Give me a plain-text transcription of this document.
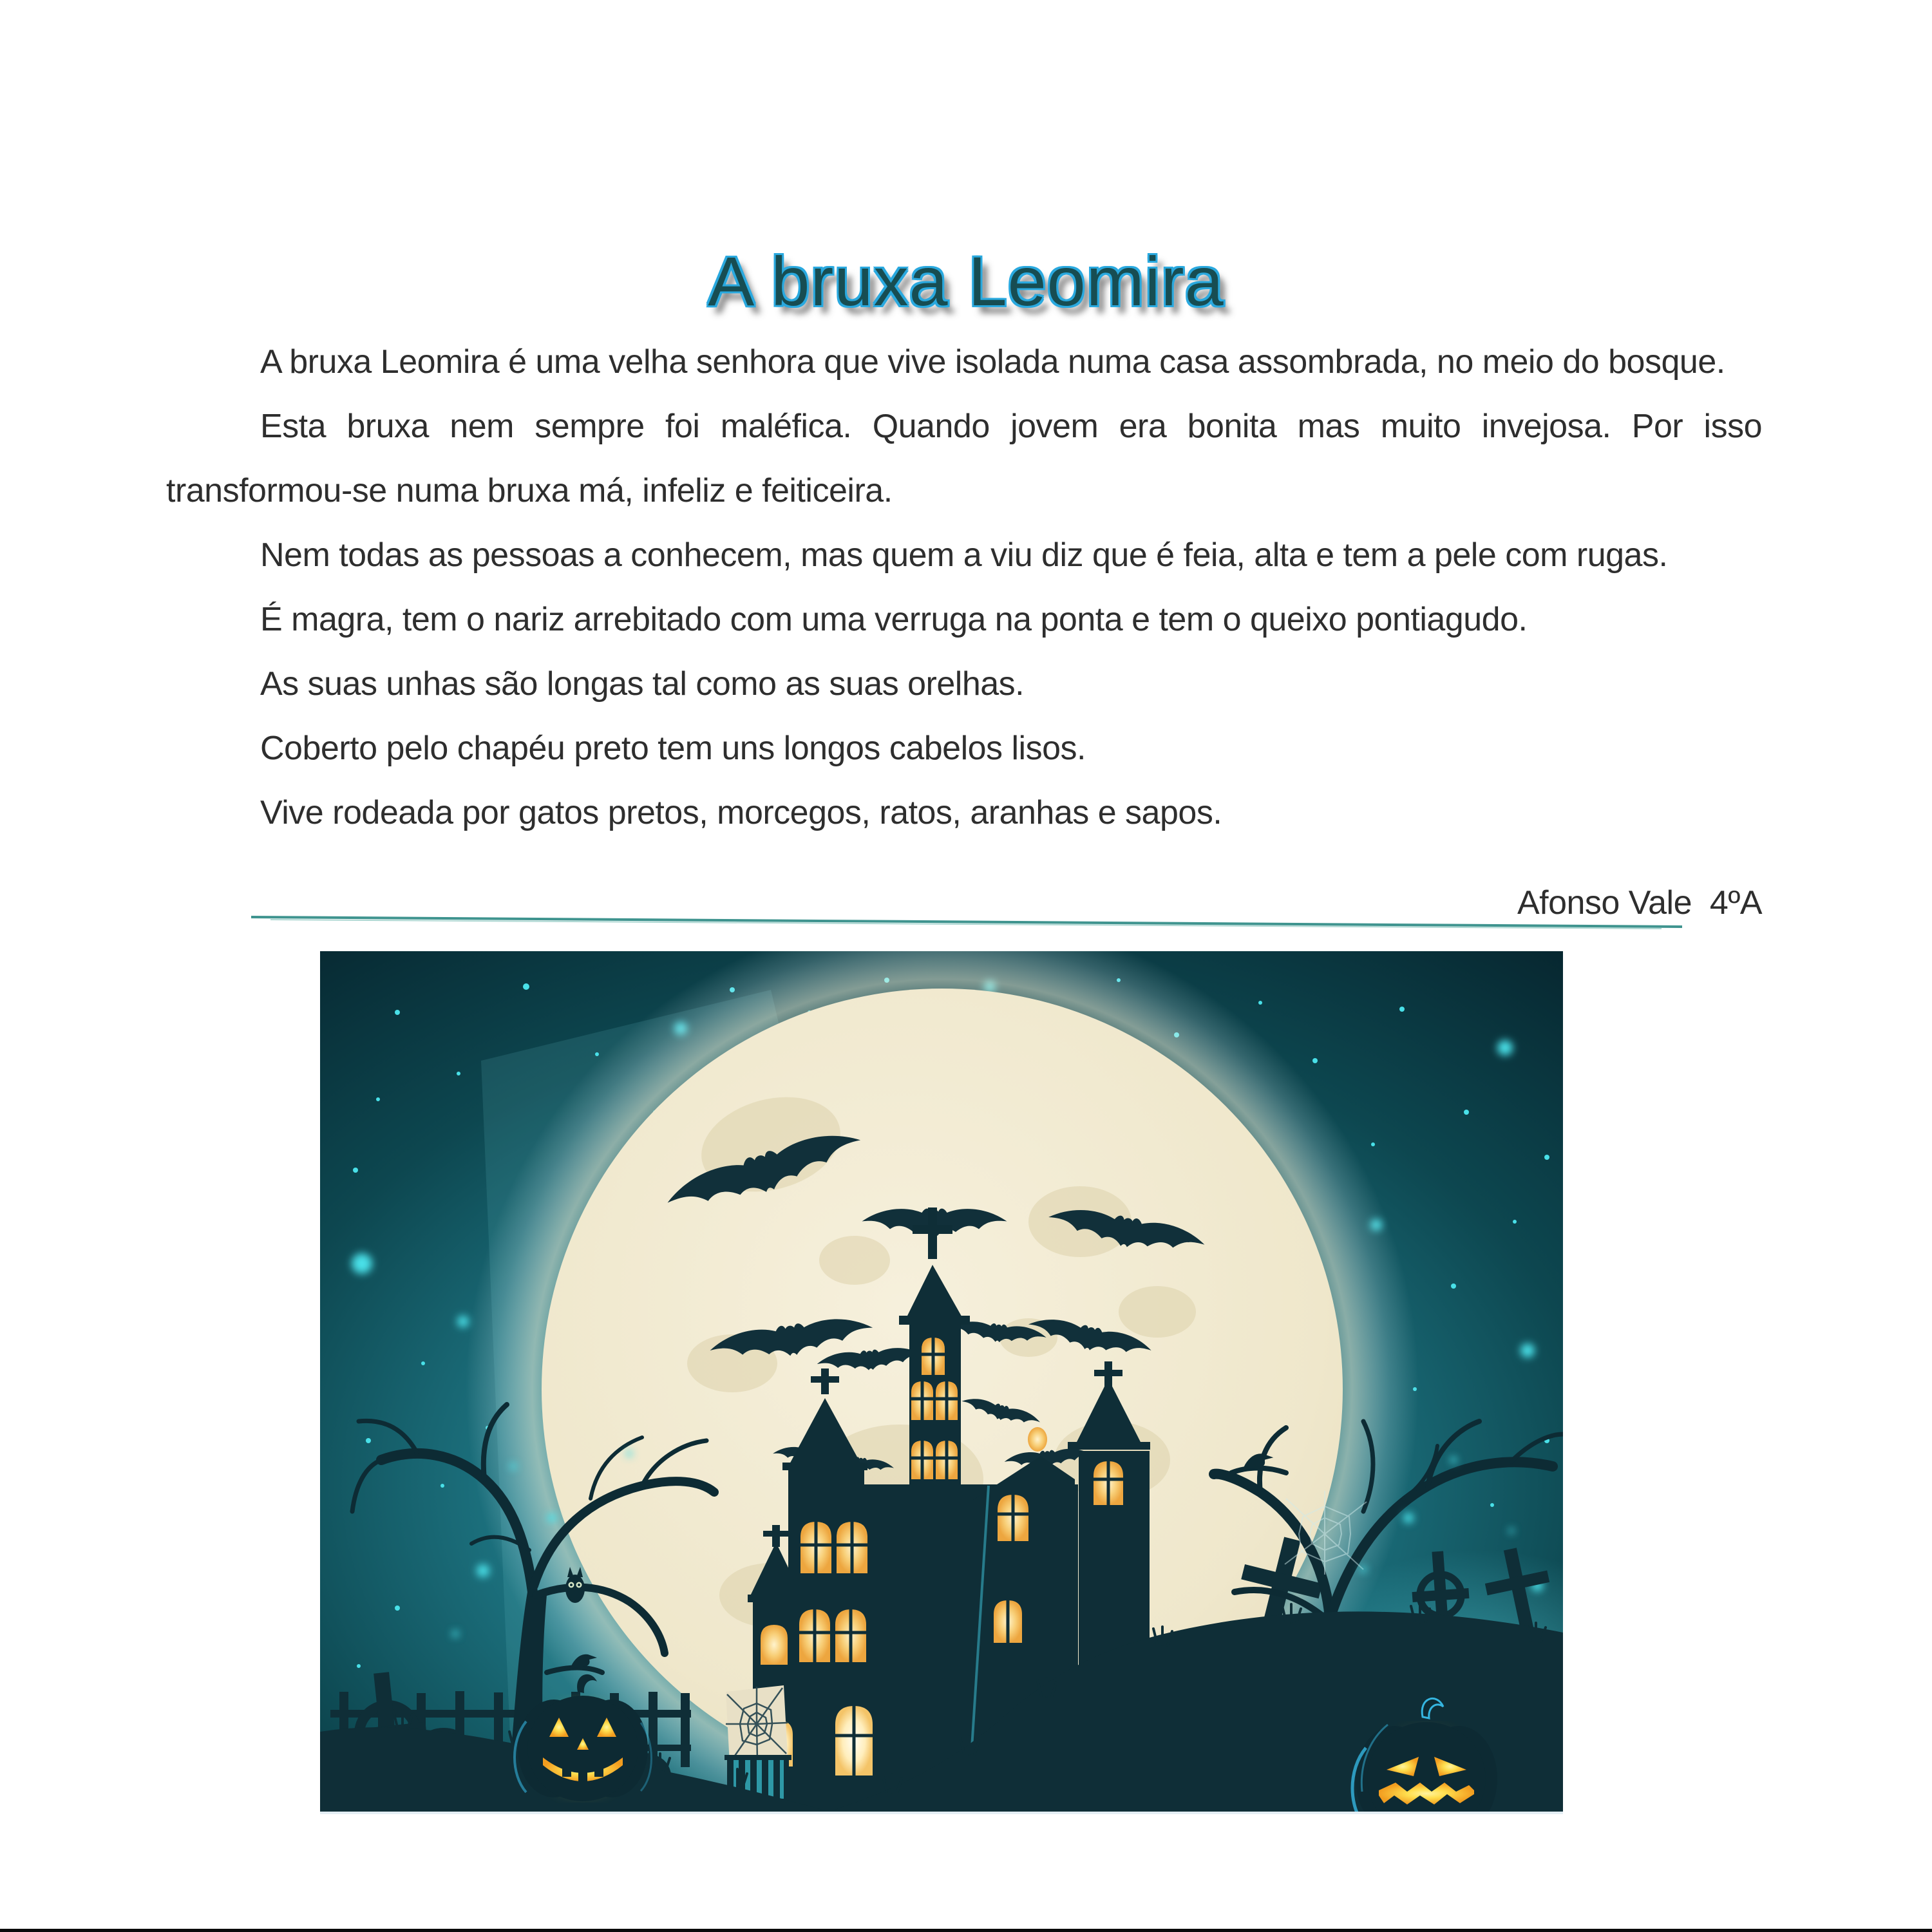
A bruxa Leomira

A bruxa Leomira é uma velha senhora que vive isolada numa casa assombrada, no meio do bosque.

Esta bruxa nem sempre foi maléfica. Quando jovem era bonita mas muito invejosa. Por isso transformou-se numa bruxa má, infeliz e feiticeira.

Nem todas as pessoas a conhecem, mas quem a viu diz que é feia, alta e tem a pele com rugas.

É magra, tem o nariz arrebitado com uma verruga na ponta e tem o queixo pontiagudo.

As suas unhas são longas tal como as suas orelhas.

Coberto pelo chapéu preto tem uns longos cabelos lisos.

Vive rodeada por gatos pretos, morcegos, ratos, aranhas e sapos.

Afonso Vale  4ºA
